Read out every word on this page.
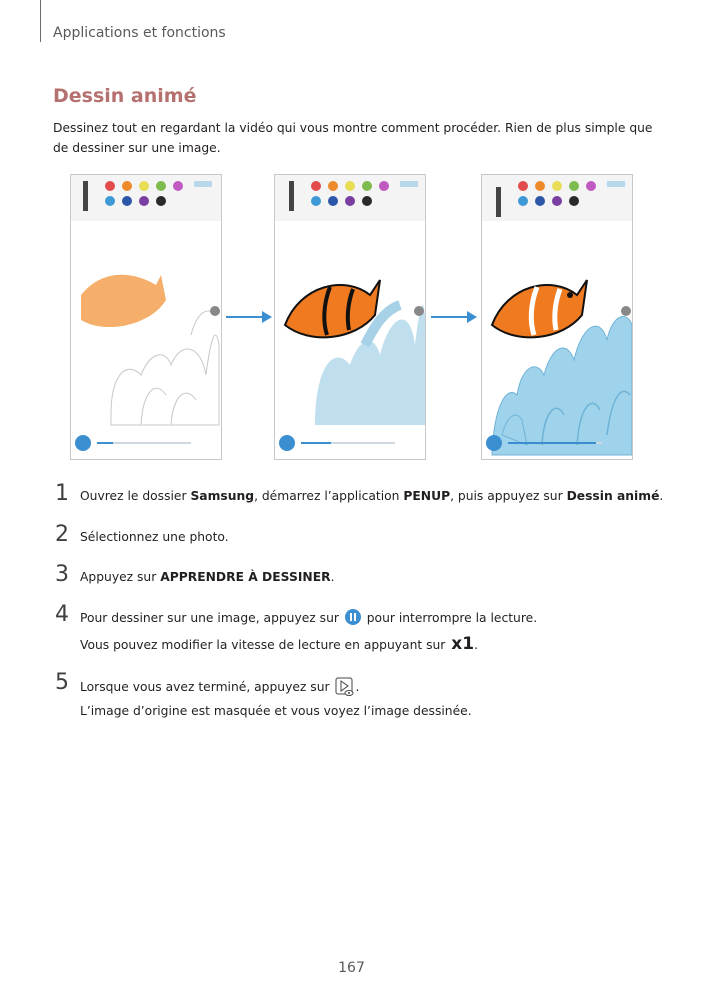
Applications et fonctions
Dessin animé
Dessinez tout en regardant la vidéo qui vous montre comment procéder. Rien de plus simple que de dessiner sur une image.
1 Ouvrez le dossier Samsung, démarrez l’application PENUP, puis appuyez sur Dessin animé.
2 Sélectionnez une photo.
3 Appuyez sur APPRENDRE À DESSINER.
4 Pour dessiner sur une image, appuyez sur  pour interrompre la lecture.
Vous pouvez modifier la vitesse de lecture en appuyant sur x1.
5 Lorsque vous avez terminé, appuyez sur .
L’image d’origine est masquée et vous voyez l’image dessinée.
167
